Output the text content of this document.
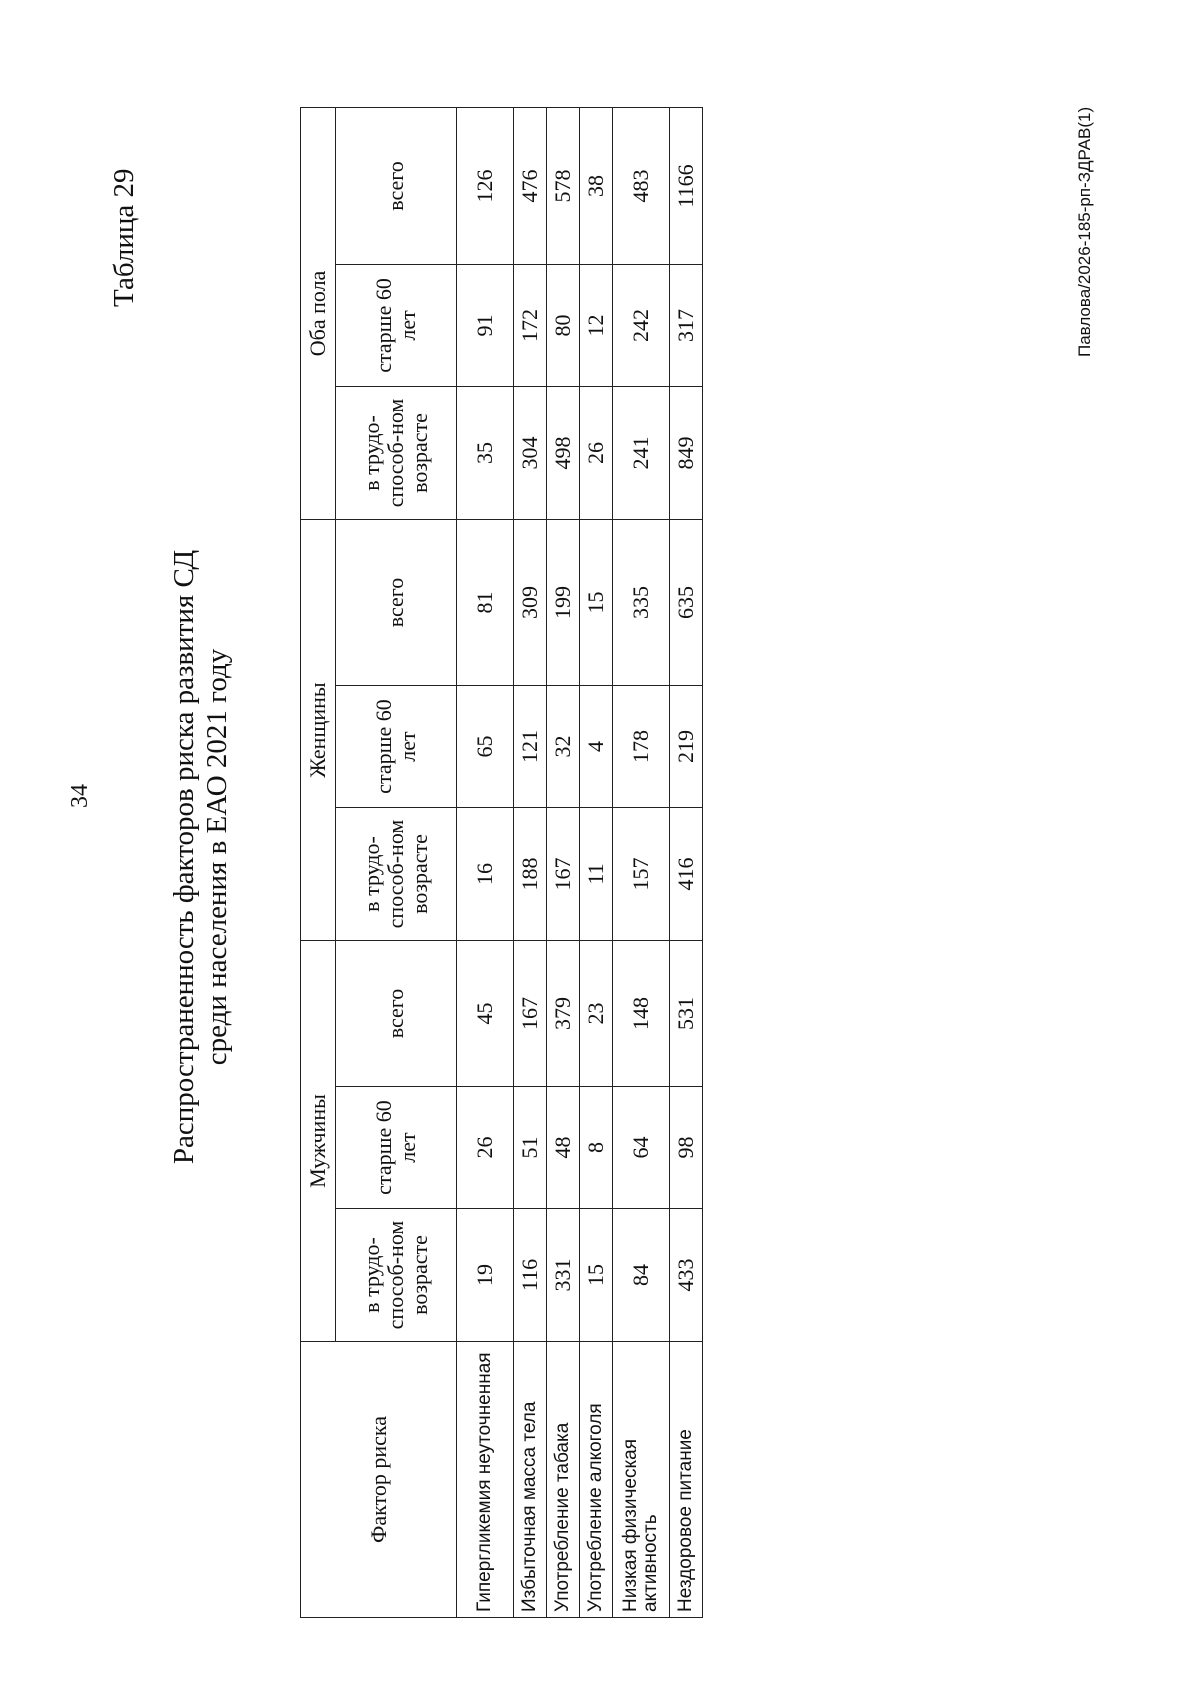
34
Таблица 29
Распространенность факторов риска развития СД среди населения в ЕАО 2021 году
Фактор риска	Мужчины			Женщины			Оба пола		
	в трудо-способ-ном возрасте	старше 60 лет	всего	в трудо-способ-ном возрасте	старше 60 лет	всего	в трудо-способ-ном возрасте	старше 60 лет	всего
Гипергликемия неуточненная	19	26	45	16	65	81	35	91	126
Избыточная масса тела	116	51	167	188	121	309	304	172	476
Употребление табака	331	48	379	167	32	199	498	80	578
Употребление алкоголя	15	8	23	11	4	15	26	12	38
Низкая физическая активность	84	64	148	157	178	335	241	242	483
Нездоровое питание	433	98	531	416	219	635	849	317	1166	Павлова/2026-185-рп-ЗДРАВ(1)
